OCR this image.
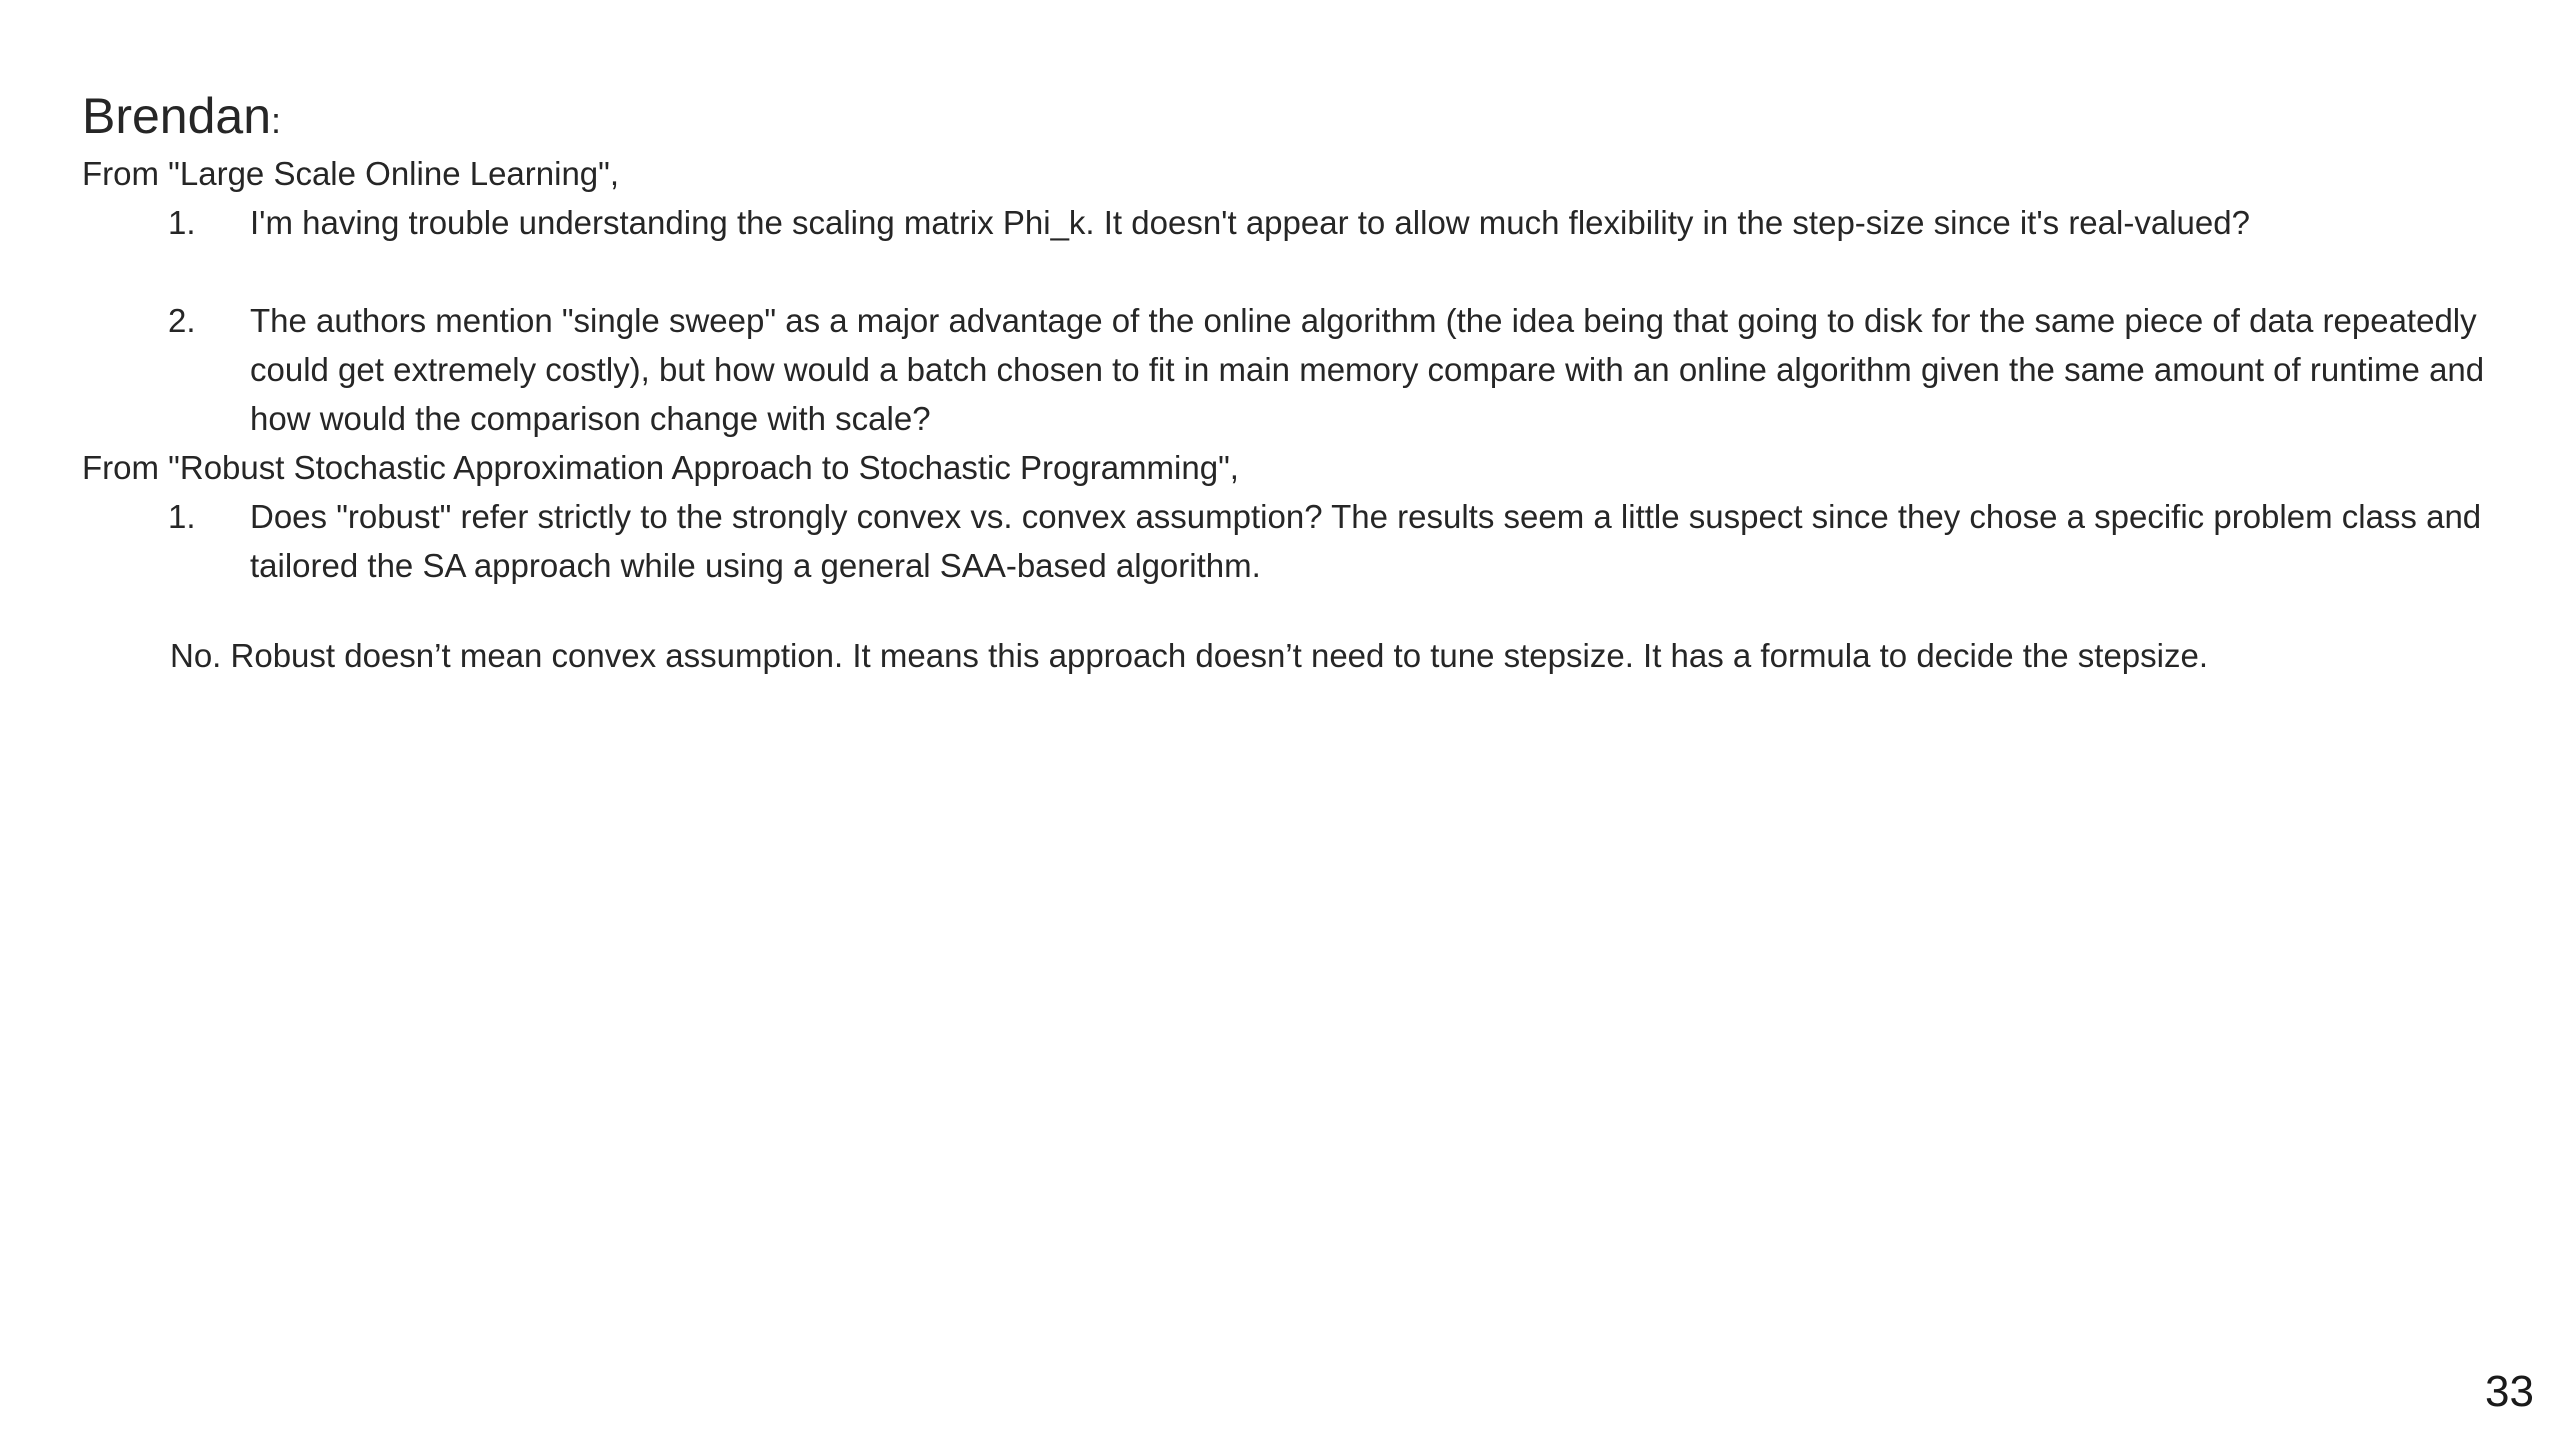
Brendan:
From "Large Scale Online Learning",
1. I'm having trouble understanding the scaling matrix Phi_k. It doesn't appear to allow much flexibility in the step-size since it's real-valued?
2. The authors mention "single sweep" as a major advantage of the online algorithm (the idea being that going to disk for the same piece of data repeatedly could get extremely costly), but how would a batch chosen to fit in main memory compare with an online algorithm given the same amount of runtime and how would the comparison change with scale?
From "Robust Stochastic Approximation Approach to Stochastic Programming",
1. Does "robust" refer strictly to the strongly convex vs. convex assumption? The results seem a little suspect since they chose a specific problem class and tailored the SA approach while using a general SAA-based algorithm.
No. Robust doesn’t mean convex assumption. It means this approach doesn’t need to tune stepsize. It has a formula to decide the stepsize.
33
